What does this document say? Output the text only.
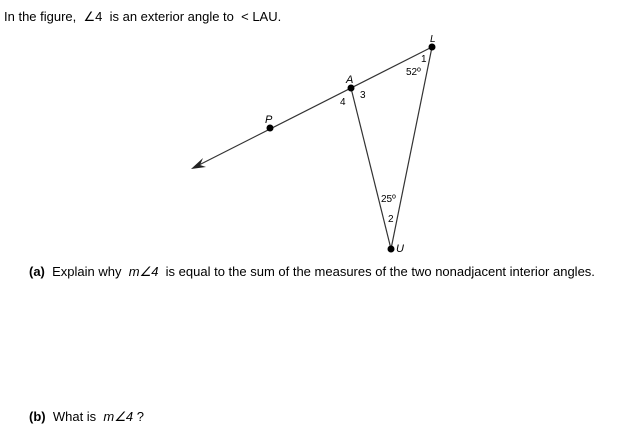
In the figure,  ∠4  is an exterior angle to  < LAU.
L
A
P
U
1
2
3
4
52º
25º
(a)  Explain why  m∠4  is equal to the sum of the measures of the two nonadjacent interior angles.
(b)  What is  m∠4 ?
